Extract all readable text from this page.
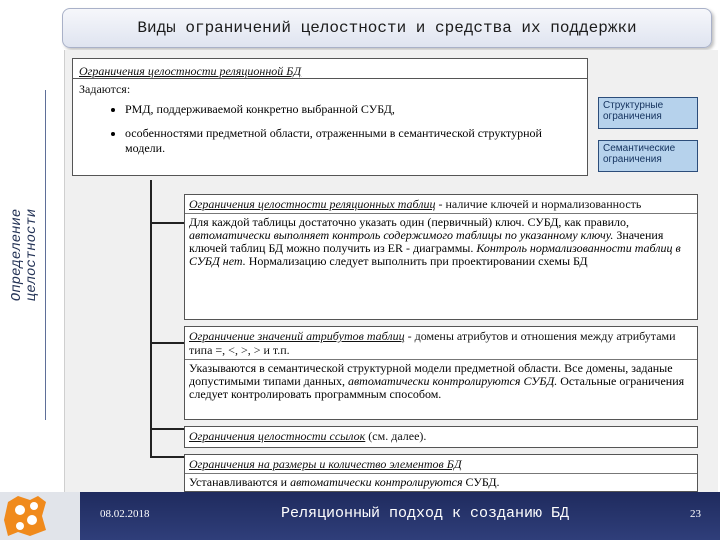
Виды ограничений целостности и средства их поддержки
Определение целостности
Ограничения целостности реляционной БД
Задаются:
• РМД, поддерживаемой конкретно выбранной СУБД,
• особенностями предметной области, отраженными в семантической структурной модели.
Структурные ограничения
Семантические ограничения
Ограничения целостности реляционных таблиц - наличие ключей и нормализованность
Для каждой таблицы достаточно указать один (первичный) ключ. СУБД, как правило, автоматически выполняет контроль содержимого таблицы по указанному ключу. Значения ключей таблиц БД можно получить из ER - диаграммы. Контроль нормализованности таблиц в СУБД нет. Нормализацию следует выполнить при проектировании схемы БД
Ограничение значений атрибутов таблиц - домены атрибутов и отношения между атрибутами типа =, <, >, > и т.п.
Указываются в семантической структурной модели предметной области. Все домены, заданые допустимыми типами данных, автоматически контролируются СУБД. Остальные ограничения следует контролировать программным способом.
Ограничения целостности ссылок (см. далее).
Ограничения на размеры и количество элементов БД
Устанавливаются и автоматически контролируются СУБД.
08.02.2018	Реляционный подход к созданию БД	23
